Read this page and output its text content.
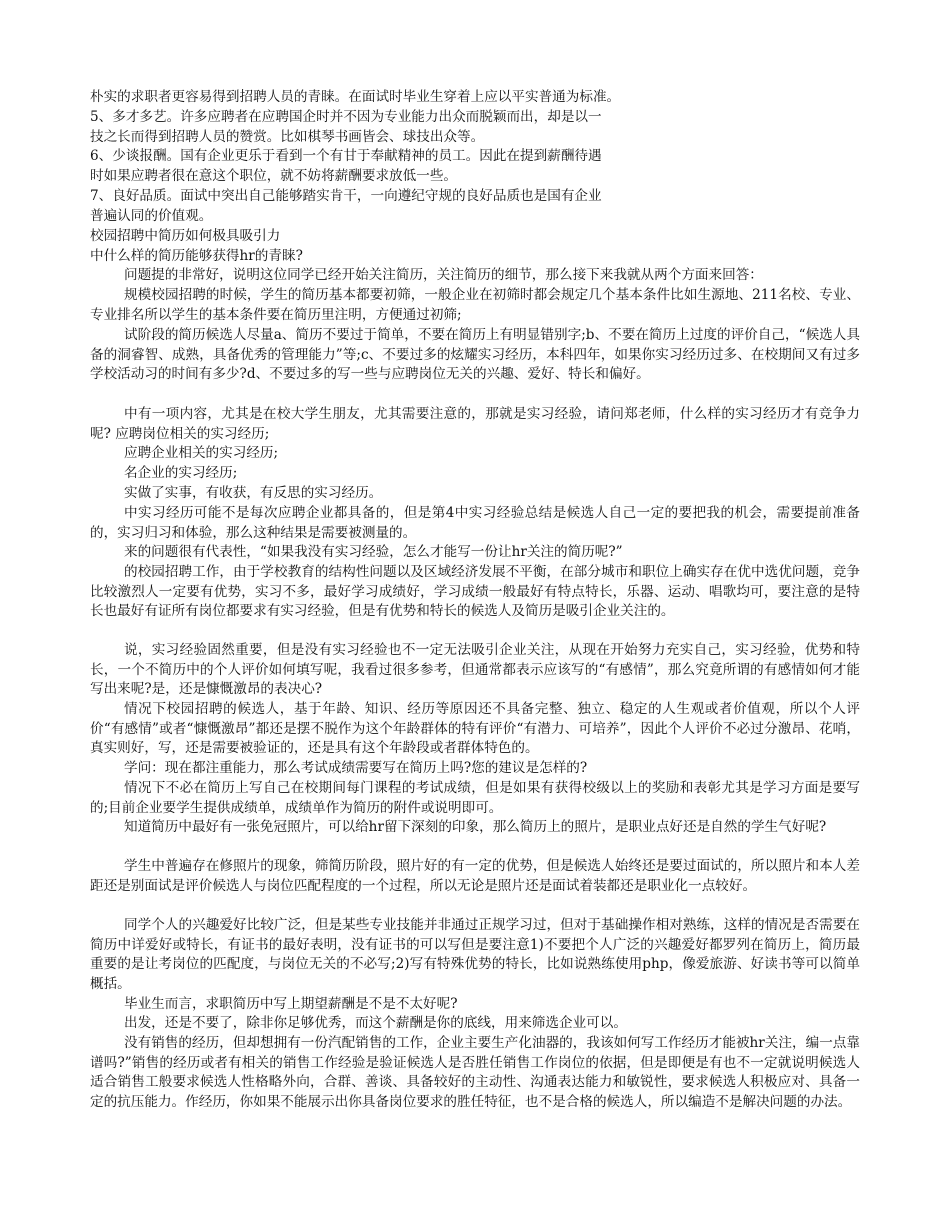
朴实的求职者更容易得到招聘人员的青睐。在面试时毕业生穿着上应以平实普通为标准。

5、多才多艺。许多应聘者在应聘国企时并不因为专业能力出众而脱颖而出，却是以一

技之长而得到招聘人员的赞赏。比如棋琴书画皆会、球技出众等。

6、少谈报酬。国有企业更乐于看到一个有甘于奉献精神的员工。因此在提到薪酬待遇

时如果应聘者很在意这个职位，就不妨将薪酬要求放低一些。

7、良好品质。面试中突出自己能够踏实肯干，一向遵纪守规的良好品质也是国有企业

普遍认同的价值观。

校园招聘中简历如何极具吸引力

中什么样的简历能够获得hr的青睐?

问题提的非常好，说明这位同学已经开始关注简历，关注简历的细节，那么接下来我就从两个方面来回答：

规模校园招聘的时候，学生的简历基本都要初筛，一般企业在初筛时都会规定几个基本条件比如生源地、211名校、专业、专业排名所以学生的基本条件要在简历里注明，方便通过初筛;

试阶段的简历候选人尽量a、简历不要过于简单，不要在简历上有明显错别字;b、不要在简历上过度的评价自己，“候选人具备的洞睿智、成熟，具备优秀的管理能力”等;c、不要过多的炫耀实习经历，本科四年，如果你实习经历过多、在校期间又有过多学校活动习的时间有多少?d、不要过多的写一些与应聘岗位无关的兴趣、爱好、特长和偏好。

中有一项内容，尤其是在校大学生朋友，尤其需要注意的，那就是实习经验，请问郑老师，什么样的实习经历才有竞争力呢? 应聘岗位相关的实习经历;

应聘企业相关的实习经历;

名企业的实习经历;

实做了实事，有收获，有反思的实习经历。

中实习经历可能不是每次应聘企业都具备的，但是第4中实习经验总结是候选人自己一定的要把我的机会，需要提前准备的，实习归习和体验，那么这种结果是需要被测量的。

来的问题很有代表性，“如果我没有实习经验，怎么才能写一份让hr关注的简历呢?”

的校园招聘工作，由于学校教育的结构性问题以及区域经济发展不平衡，在部分城市和职位上确实存在优中选优问题，竞争比较激烈人一定要有优势，实习不多，最好学习成绩好，学习成绩一般最好有特点特长，乐器、运动、唱歌均可，要注意的是特长也最好有证所有岗位都要求有实习经验，但是有优势和特长的候选人及简历是吸引企业关注的。

说，实习经验固然重要，但是没有实习经验也不一定无法吸引企业关注，从现在开始努力充实自己，实习经验，优势和特长，一个不简历中的个人评价如何填写呢，我看过很多参考，但通常都表示应该写的“有感情”，那么究竟所谓的有感情如何才能写出来呢?是，还是慷慨激昂的表决心?

情况下校园招聘的候选人，基于年龄、知识、经历等原因还不具备完整、独立、稳定的人生观或者价值观，所以个人评价“有感情”或者“慷慨激昂”都还是摆不脱作为这个年龄群体的特有评价“有潜力、可培养”，因此个人评价不必过分激昂、花哨，真实则好，写，还是需要被验证的，还是具有这个年龄段或者群体特色的。

学问：现在都注重能力，那么考试成绩需要写在简历上吗?您的建议是怎样的?

情况下不必在简历上写自己在校期间每门课程的考试成绩，但是如果有获得校级以上的奖励和表彰尤其是学习方面是要写的;目前企业要学生提供成绩单，成绩单作为简历的附件或说明即可。

知道简历中最好有一张免冠照片，可以给hr留下深刻的印象，那么简历上的照片，是职业点好还是自然的学生气好呢?

学生中普遍存在修照片的现象，筛简历阶段，照片好的有一定的优势，但是候选人始终还是要过面试的，所以照片和本人差距还是别面试是评价候选人与岗位匹配程度的一个过程，所以无论是照片还是面试着装都还是职业化一点较好。

同学个人的兴趣爱好比较广泛，但是某些专业技能并非通过正规学习过，但对于基础操作相对熟练，这样的情况是否需要在简历中详爱好或特长，有证书的最好表明，没有证书的可以写但是要注意1)不要把个人广泛的兴趣爱好都罗列在简历上，简历最重要的是让考岗位的匹配度，与岗位无关的不必写;2)写有特殊优势的特长，比如说熟练使用php，像爱旅游、好读书等可以简单概括。

毕业生而言，求职简历中写上期望薪酬是不是不太好呢?

出发，还是不要了，除非你足够优秀，而这个薪酬是你的底线，用来筛选企业可以。

没有销售的经历，但却想拥有一份汽配销售的工作，企业主要生产化油器的，我该如何写工作经历才能被hr关注，编一点靠谱吗?”销售的经历或者有相关的销售工作经验是验证候选人是否胜任销售工作岗位的依据，但是即便是有也不一定就说明候选人适合销售工般要求候选人性格略外向，合群、善谈、具备较好的主动性、沟通表达能力和敏锐性，要求候选人积极应对、具备一定的抗压能力。作经历，你如果不能展示出你具备岗位要求的胜任特征，也不是合格的候选人，所以编造不是解决问题的办法。
